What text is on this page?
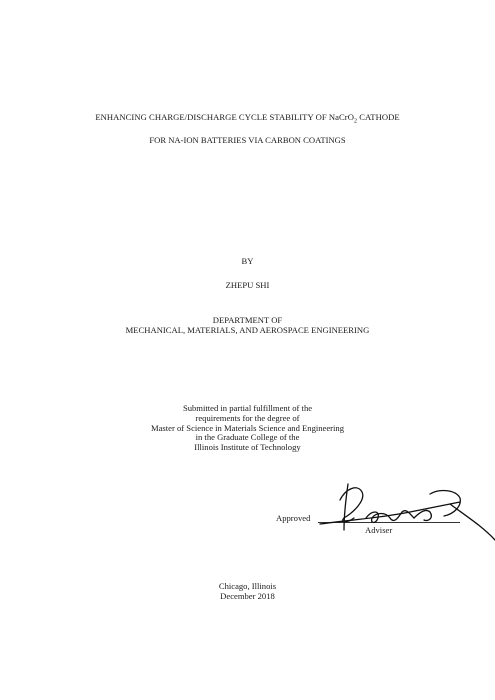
ENHANCING CHARGE/DISCHARGE CYCLE STABILITY OF NaCrO$_2$ CATHODE
FOR NA-ION BATTERIES VIA CARBON COATINGS
BY
ZHEPU SHI
DEPARTMENT OF
MECHANICAL, MATERIALS, AND AEROSPACE ENGINEERING
Submitted in partial fulfillment of the
requirements for the degree of
Master of Science in Materials Science and Engineering
in the Graduate College of the
Illinois Institute of Technology
Approved
Adviser
Chicago, Illinois
December 2018
